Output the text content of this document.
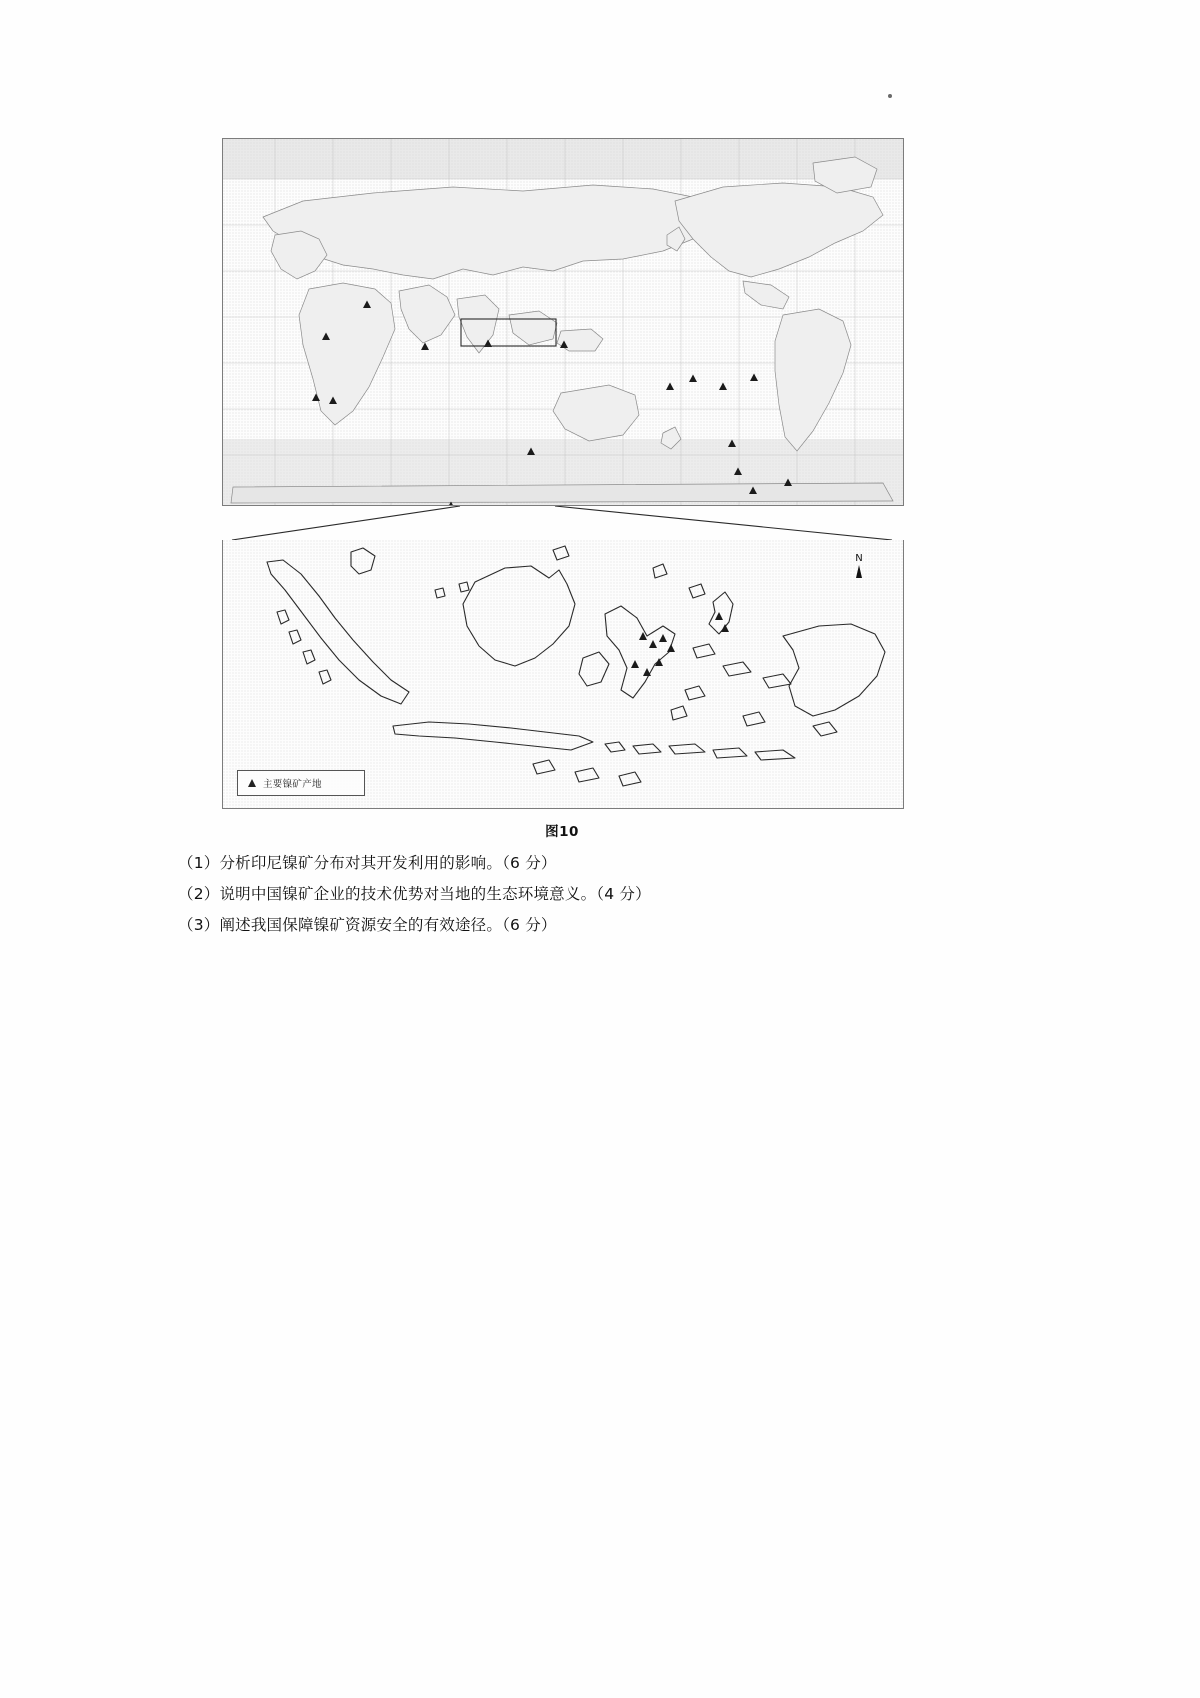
N
主要镍矿产地
图10
（1）分析印尼镍矿分布对其开发利用的影响。（6 分）
（2）说明中国镍矿企业的技术优势对当地的生态环境意义。（4 分）
（3）阐述我国保障镍矿资源安全的有效途径。（6 分）
